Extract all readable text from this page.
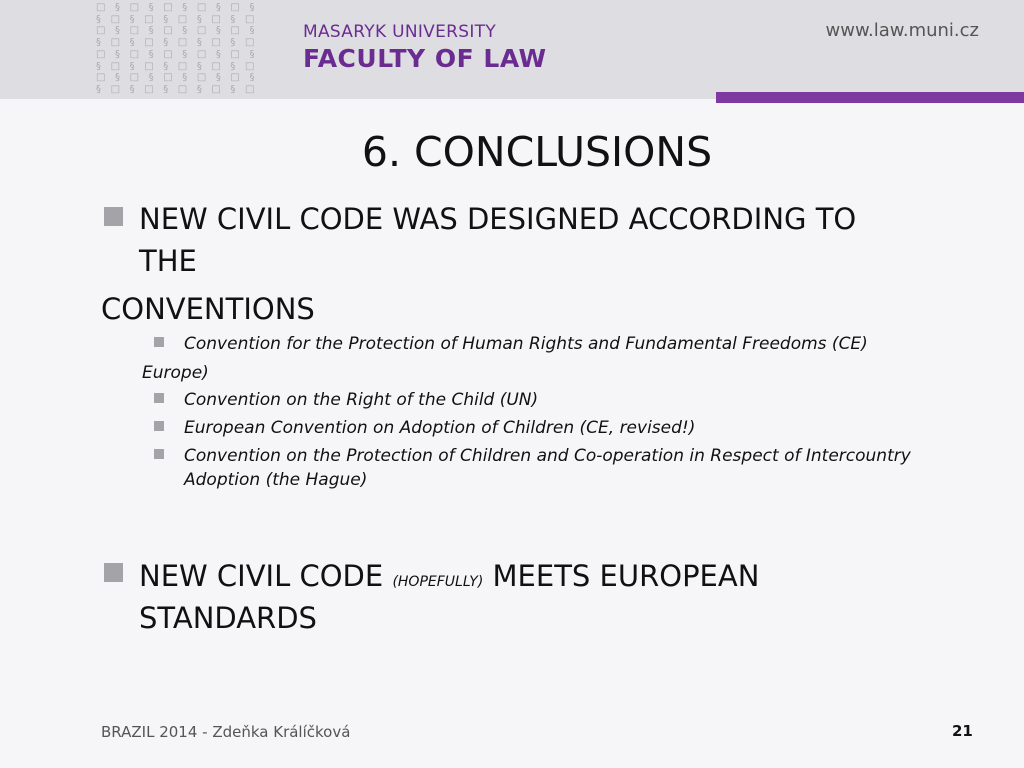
□ § □ § □ § □ § □ §
§ □ § □ § □ § □ § □
□ § □ § □ § □ § □ §
§ □ § □ § □ § □ § □
□ § □ § □ § □ § □ §
§ □ § □ § □ § □ § □
□ § □ § □ § □ § □ §
§ □ § □ § □ § □ § □

MASARYK UNIVERSITY

FACULTY OF LAW

www.law.muni.cz
6. CONCLUSIONS

NEW CIVIL CODE WAS DESIGNED ACCORDING TO

THE

CONVENTIONS

Convention for the Protection of Human Rights and Fundamental Freedoms (CE)

Europe)

Convention on the Right of the Child (UN)

European Convention on Adoption of Children (CE, revised!)

Convention on the Protection of Children and Co-operation in Respect of Intercountry

Adoption (the Hague)

NEW CIVIL CODE (HOPEFULLY) MEETS EUROPEAN

STANDARDS

BRAZIL 2014 - Zdeňka Králíčková	21
